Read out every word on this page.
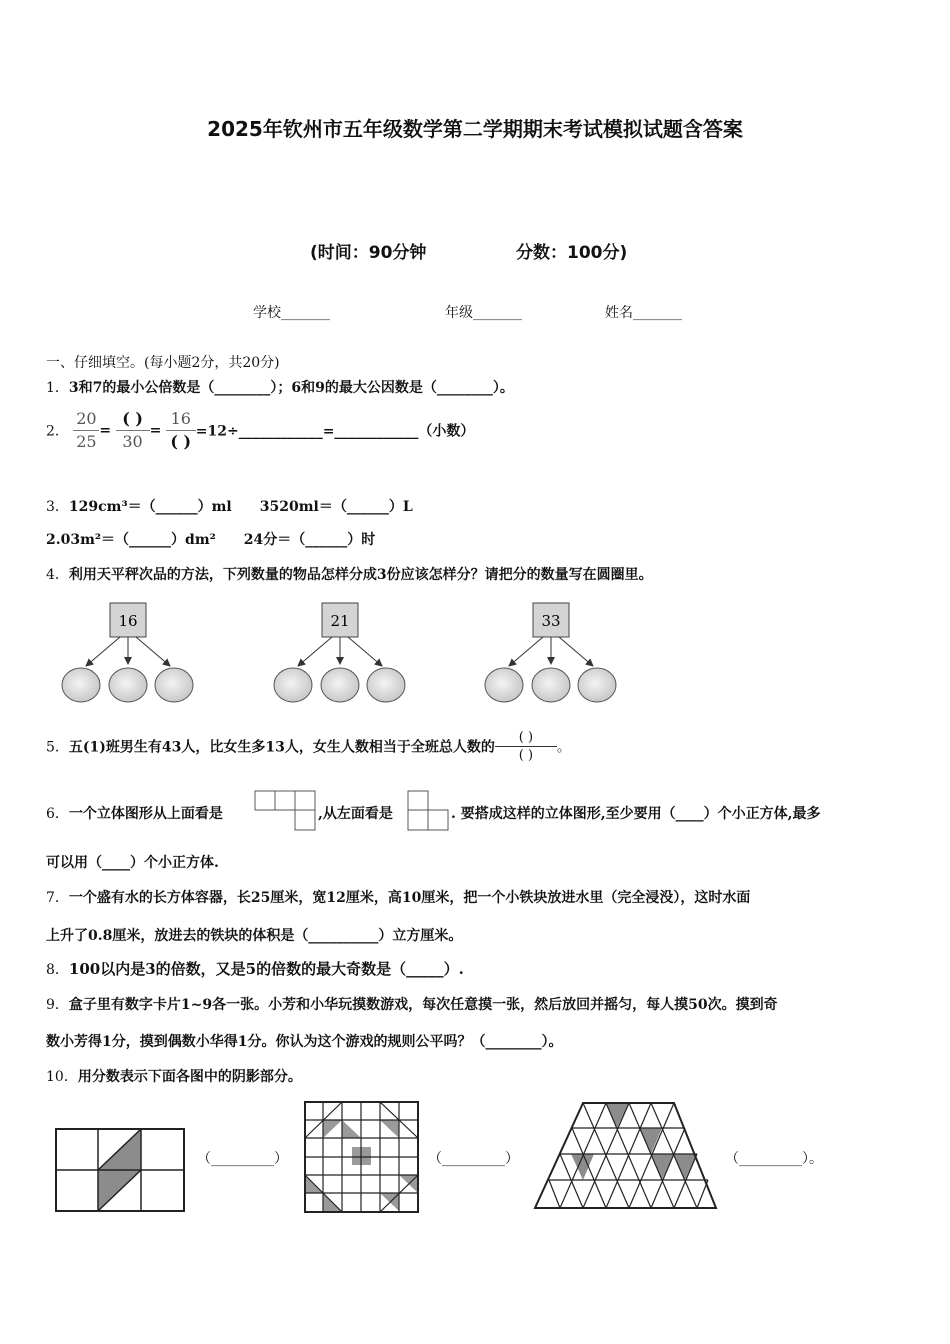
2025年钦州市五年级数学第二学期期末考试模拟试题含答案
(时间：90分钟	分数：100分)
学校_______	年级_______	姓名_______
一、仔细填空。(每小题2分，共20分)
1．3和7的最小公倍数是（________）；6和9的最大公因数是（________）。
2． $\frac{20}{25} = \frac{( )}{30} = \frac{16}{( )}$ =12÷____________=____________（小数）
3．129cm³＝（______）ml　　3520ml＝（______）L
2.03m²＝（______）dm²　　24分＝（______）时
4．利用天平秤次品的方法，下列数量的物品怎样分成3份应该怎样分？请把分的数量写在圆圈里。
16	21	33
5．五(1)班男生有43人，比女生多13人，女生人数相当于全班总人数的 $\frac{( )}{( )}$ 。
6．一个立体图形从上面看是	,从左面看是	. 要搭成这样的立体图形,至少要用（____）个小正方体,最多
可以用（____）个小正方体.
7．一个盛有水的长方体容器，长25厘米，宽12厘米，高10厘米，把一个小铁块放进水里（完全浸没），这时水面
上升了0.8厘米，放进去的铁块的体积是（__________）立方厘米。
8．100以内是3的倍数，又是5的倍数的最大奇数是（_____）.
9．盒子里有数字卡片1~9各一张。小芳和小华玩摸数游戏，每次任意摸一张，然后放回并摇匀，每人摸50次。摸到奇
数小芳得1分，摸到偶数小华得1分。你认为这个游戏的规则公平吗？（________）。
10．用分数表示下面各图中的阴影部分。
（_________）	（_________）	（_________）。
